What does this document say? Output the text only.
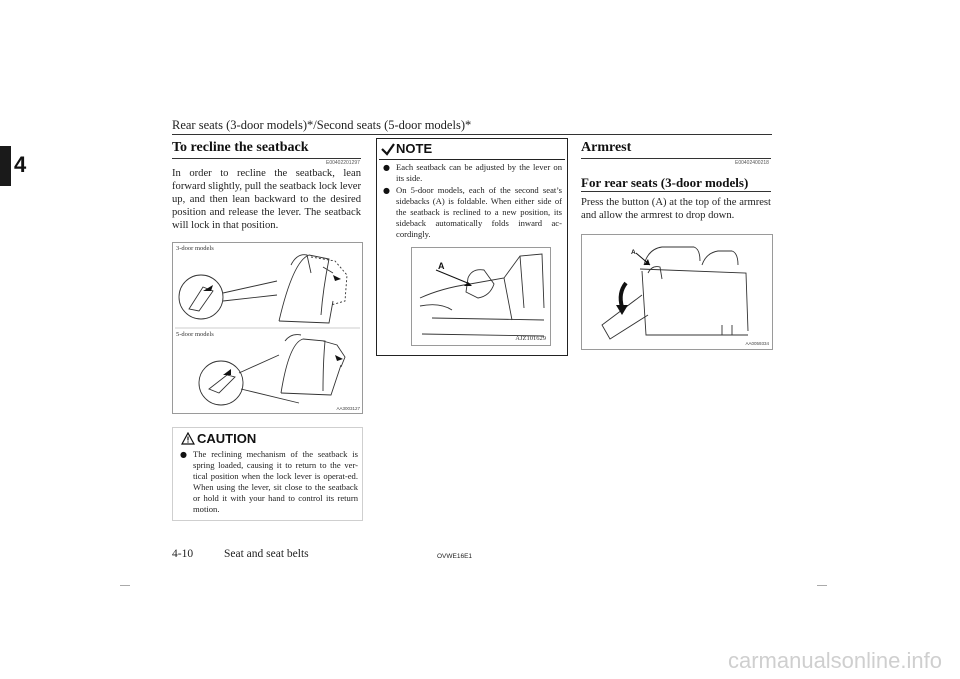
Rear seats (3-door models)*/Second seats (5-door models)*
4
To recline the seatback
E00402201297
In order to recline the seatback, lean forward slightly, pull the seatback lock lever up, and then lean backward to the desired position and release the lever. The seatback will lock in that position.
3-door models
5-door models
AA3003127
CAUTION
● The reclining mechanism of the seatback is spring loaded, causing it to return to the ver-tical position when the lock lever is operat-ed. When using the lever, sit close to the seatback or hold it with your hand to control its return motion.
NOTE
● Each seatback can be adjusted by the lever on its side.
● On 5-door models, each of the second seat’s sidebacks (A) is foldable. When either side of the seatback is reclined to a new position, its sideback automatically folds inward ac-cordingly.
A
AJZ101629
Armrest
E00402400218
For rear seats (3-door models)
Press the button (A) at the top of the armrest and allow the armrest to drop down.
A
AA0059334
4-10	Seat and seat belts	OVWE16E1
carmanualsonline.info
